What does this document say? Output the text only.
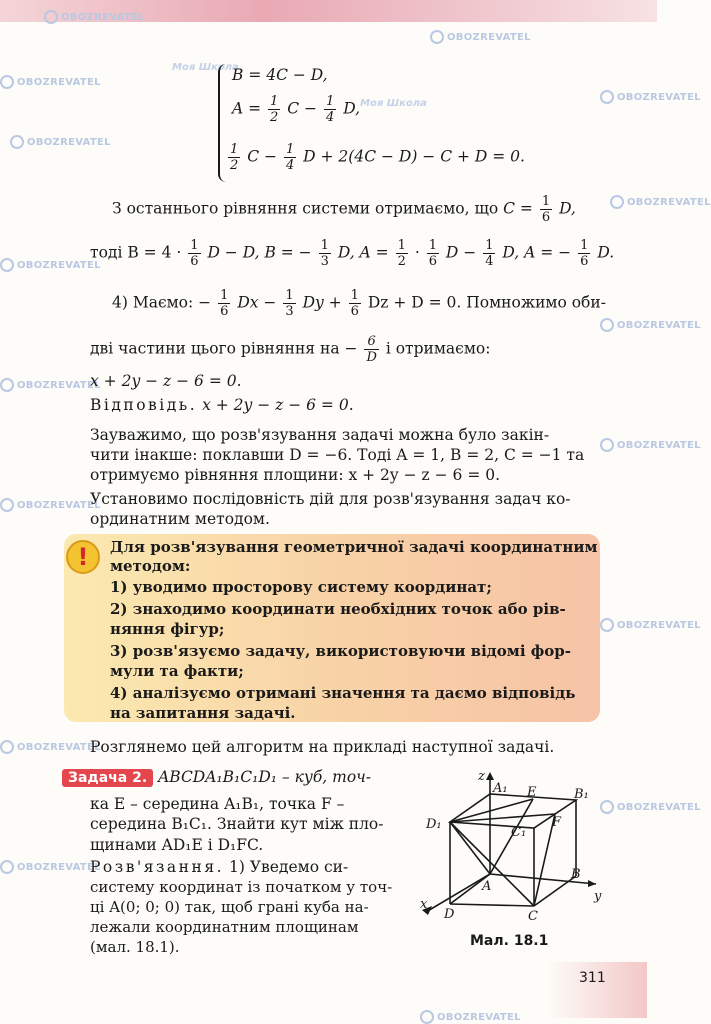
OBOZREVATEL
OBOZREVATEL
Моя Школа
OBOZREVATEL
OBOZREVATEL
Моя Школа
OBOZREVATEL
OBOZREVATEL
OBOZREVATEL
OBOZREVATEL
OBOZREVATEL
OBOZREVATEL
OBOZREVATEL
OBOZREVATEL
OBOZREVATEL
OBOZREVATEL
OBOZREVATEL
OBOZREVATEL
B = 4C − D,
$A = \frac{1}{2}$ $C - \frac{1}{4} D$,
$\frac{1}{2}$ $C - \frac{1}{4}$ D + 2(4C − D) − C + D = 0.
З останнього рівняння системи отримаємо, що $C = \frac{1}{6} D$,
тоді $B = 4 \cdot \frac{1}{6}$ D − D, B = − $\frac{1}{3} D$, $A = \frac{1}{2} \cdot \frac{1}{6}$ $D - \frac{1}{4} D$, A = − $\frac{1}{6} D$.
4) Маємо: − $\frac{1}{6}$ $Dx - \frac{1}{3}$ $Dy + \frac{1}{6}$ Dz + D = 0. Помножимо оби-
дві частини цього рівняння на − $\frac{6}{D}$ і отримаємо:
x + 2y − z − 6 = 0.
Відповідь. x + 2y − z − 6 = 0.
Зауважимо, що розв'язування задачі можна було закін-
чити інакше: поклавши D = −6. Тоді A = 1, B = 2, C = −1 та
отримуємо рівняння площини: x + 2y − z − 6 = 0.
Установимо послідовність дій для розв'язування задач ко-
ординатним методом.
!	Для розв'язування геометричної задачі координатним
методом:
1) уводимо просторову систему координат;
2) знаходимо координати необхідних точок або рів-
няння фігур;
3) розв'язуємо задачу, використовуючи відомі фор-
мули та факти;
4) аналізуємо отримані значення та даємо відповідь
на запитання задачі.
Розглянемо цей алгоритм на прикладі наступної задачі.
Задача 2. ABCDA₁B₁C₁D₁ – куб, точ-
ка E – середина A₁B₁, точка F –
середина B₁C₁. Знайти кут між пло-
щинами AD₁E і D₁FC.
Розв'язання. 1) Уведемо си-
систему координат із початком у точ-
ці A(0; 0; 0) так, щоб грані куба на-
лежали координатним площинам
(мал. 18.1).
z
y
x
A₁ E	B₁
D₁
C₁
F
B
A
D	C
Мал. 18.1
311
